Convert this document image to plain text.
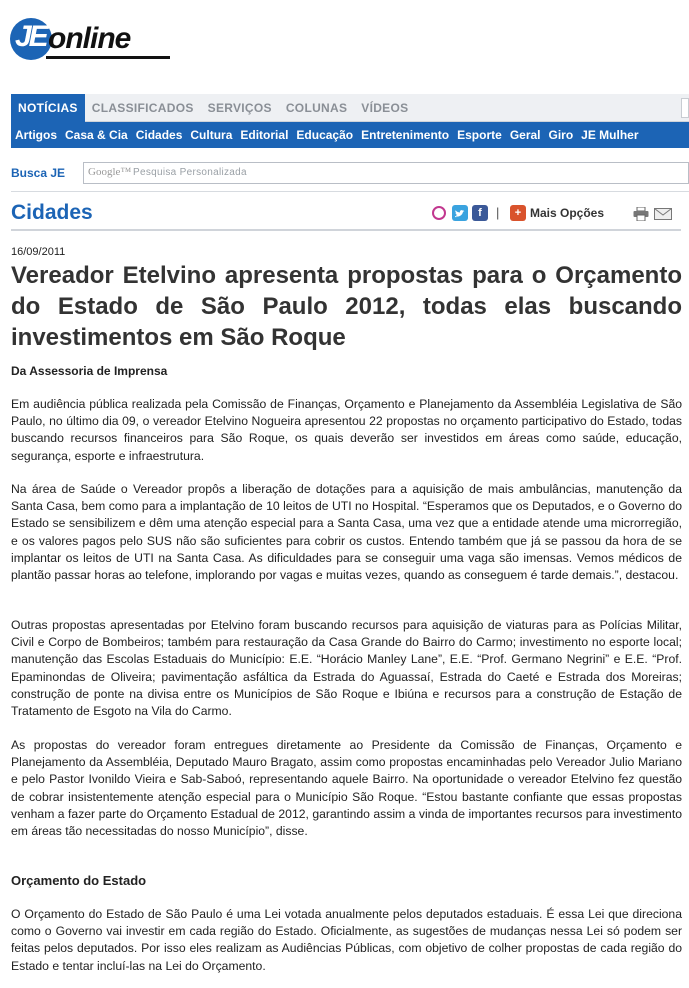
JE online
NOTÍCIAS CLASSIFICADOS SERVIÇOS COLUNAS VÍDEOS
Artigos Casa & Cia Cidades Cultura Editorial Educação Entretenimento Esporte Geral Giro JE Mulher
Busca JE Google™ Pesquisa Personalizada
Cidades	f	|	+ Mais Opções
16/09/2011
Vereador Etelvino apresenta propostas para o Orçamento do Estado de São Paulo 2012, todas elas buscando investimentos em São Roque
Da Assessoria de Imprensa

Em audiência pública realizada pela Comissão de Finanças, Orçamento e Planejamento da Assembléia Legislativa de São Paulo, no último dia 09, o vereador Etelvino Nogueira apresentou 22 propostas no orçamento participativo do Estado, todas buscando recursos financeiros para São Roque, os quais deverão ser investidos em áreas como saúde, educação, segurança, esporte e infraestrutura.

Na área de Saúde o Vereador propôs a liberação de dotações para a aquisição de mais ambulâncias, manutenção da Santa Casa, bem como para a implantação de 10 leitos de UTI no Hospital. “Esperamos que os Deputados, e o Governo do Estado se sensibilizem e dêm uma atenção especial para a Santa Casa, uma vez que a entidade atende uma microrregião, e os valores pagos pelo SUS não são suficientes para cobrir os custos. Entendo também que já se passou da hora de se implantar os leitos de UTI na Santa Casa. As dificuldades para se conseguir uma vaga são imensas. Vemos médicos de plantão passar horas ao telefone, implorando por vagas e muitas vezes, quando as conseguem é tarde demais.”, destacou.

Outras propostas apresentadas por Etelvino foram buscando recursos para aquisição de viaturas para as Polícias Militar, Civil e Corpo de Bombeiros; também para restauração da Casa Grande do Bairro do Carmo; investimento no esporte local; manutenção das Escolas Estaduais do Município: E.E. “Horácio Manley Lane”, E.E. “Prof. Germano Negrini” e E.E. “Prof. Epaminondas de Oliveira; pavimentação asfáltica da Estrada do Aguassaí, Estrada do Caeté e Estrada dos Moreiras; construção de ponte na divisa entre os Municípios de São Roque e Ibiúna e recursos para a construção de Estação de Tratamento de Esgoto na Vila do Carmo.

As propostas do vereador foram entregues diretamente ao Presidente da Comissão de Finanças, Orçamento e Planejamento da Assembléia, Deputado Mauro Bragato, assim como propostas encaminhadas pelo Vereador Julio Mariano e pelo Pastor Ivonildo Vieira e Sab-Saboó, representando aquele Bairro. Na oportunidade o vereador Etelvino fez questão de cobrar insistentemente atenção especial para o Município São Roque. “Estou bastante confiante que essas propostas venham a fazer parte do Orçamento Estadual de 2012, garantindo assim a vinda de importantes recursos para investimento em áreas tão necessitadas do nosso Município”, disse.

Orçamento do Estado

O Orçamento do Estado de São Paulo é uma Lei votada anualmente pelos deputados estaduais. É essa Lei que direciona como o Governo vai investir em cada região do Estado. Oficialmente, as sugestões de mudanças nessa Lei só podem ser feitas pelos deputados. Por isso eles realizam as Audiências Públicas, com objetivo de colher propostas de cada região do Estado e tentar incluí-las na Lei do Orçamento.
